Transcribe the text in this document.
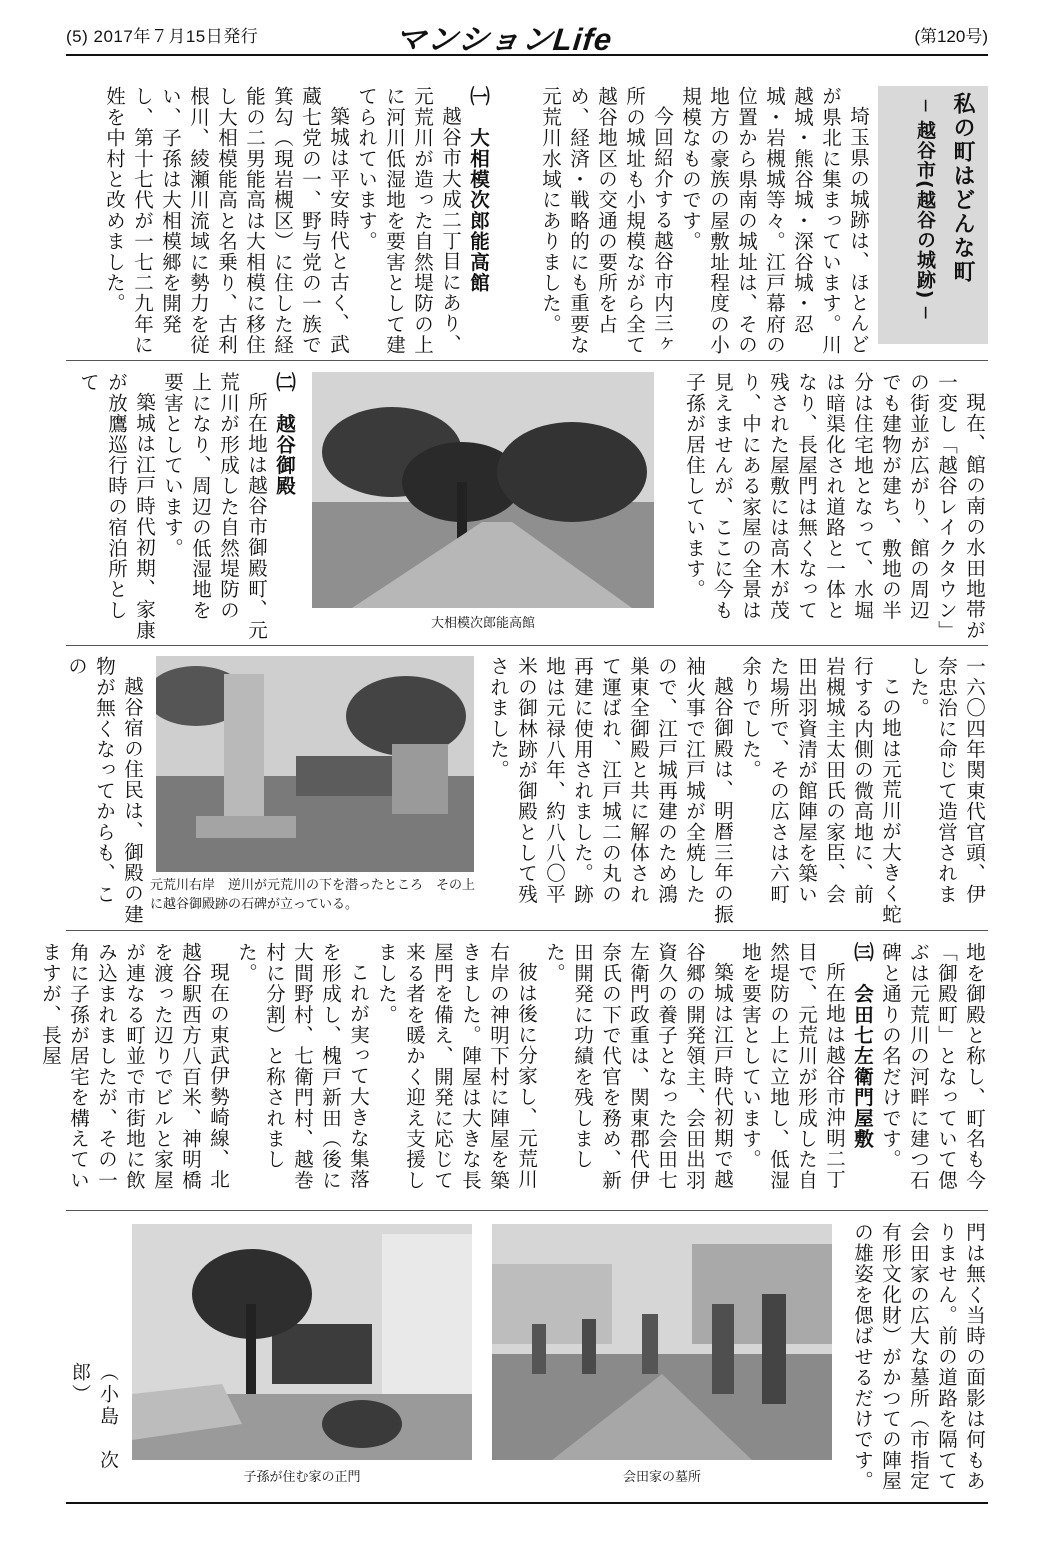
(5) 2017年７月15日発行	マンションLife	(第120号)
私の町はどんな町
─ 越谷市(越谷の城跡) ─
埼玉県の城跡は、ほとんどが県北に集まっています。川越城・熊谷城・深谷城・忍城・岩槻城等々。江戸幕府の位置から県南の城址は、その地方の豪族の屋敷址程度の小規模なものです。
今回紹介する越谷市内三ヶ所の城址も小規模ながら全て越谷地区の交通の要所を占め、経済・戦略的にも重要な元荒川水域にありました。
㈠　大相模次郎能高館
越谷市大成二丁目にあり、元荒川が造った自然堤防の上に河川低湿地を要害として建てられています。
築城は平安時代と古く、武蔵七党の一、野与党の一族で箕勾（現岩槻区）に住した経能の二男能高は大相模に移住し大相模能高と名乗り、古利根川、綾瀬川流域に勢力を従い、子孫は大相模郷を開発し、第十七代が一七二九年に姓を中村と改めました。
現在、館の南の水田地帯が一変し「越谷レイクタウン」の街並が広がり、館の周辺でも建物が建ち、敷地の半分は住宅地となって、水堀は暗渠化され道路と一体となり、長屋門は無くなって残された屋敷には高木が茂り、中にある家屋の全景は見えませんが、ここに今も子孫が居住しています。
大相模次郎能高館
㈡　越谷御殿
所在地は越谷市御殿町、元荒川が形成した自然堤防の上になり、周辺の低湿地を要害としています。
築城は江戸時代初期、家康が放鷹巡行時の宿泊所として
一六〇四年関東代官頭、伊奈忠治に命じて造営されました。
この地は元荒川が大きく蛇行する内側の微高地に、前岩槻城主太田氏の家臣、会田出羽資清が館陣屋を築いた場所で、その広さは六町余りでした。
越谷御殿は、明暦三年の振袖火事で江戸城が全焼したので、江戸城再建のため鴻巣東全御殿と共に解体されて運ばれ、江戸城二の丸の再建に使用されました。跡地は元禄八年、約八八〇平米の御林跡が御殿として残されました。
元荒川右岸　逆川が元荒川の下を潜ったところ　その上に越谷御殿跡の石碑が立っている。
越谷宿の住民は、御殿の建物が無くなってからも、この
地を御殿と称し、町名も今「御殿町」となっていて偲ぶは元荒川の河畔に建つ石碑と通りの名だけです。
㈢　会田七左衛門屋敷
所在地は越谷市沖明二丁目で、元荒川が形成した自然堤防の上に立地し、低湿地を要害としています。
築城は江戸時代初期で越谷郷の開発領主、会田出羽資久の養子となった会田七左衛門政重は、関東郡代伊奈氏の下で代官を務め、新田開発に功績を残しました。
彼は後に分家し、元荒川右岸の神明下村に陣屋を築きました。陣屋は大きな長屋門を備え、開発に応じて来る者を暖かく迎え支援しました。
これが実って大きな集落を形成し、槐戸新田（後に大間野村、七衛門村、越巻村に分割）と称されました。
現在の東武伊勢崎線、北越谷駅西方八百米、神明橋を渡った辺りでビルと家屋が連なる町並で市街地に飲み込まれましたが、その一角に子孫が居宅を構えていますが、長屋
門は無く当時の面影は何もありません。前の道路を隔てて会田家の広大な墓所（市指定有形文化財）がかつての陣屋の雄姿を偲ばせるだけです。
会田家の墓所
子孫が住む家の正門
（小島　次郎）
